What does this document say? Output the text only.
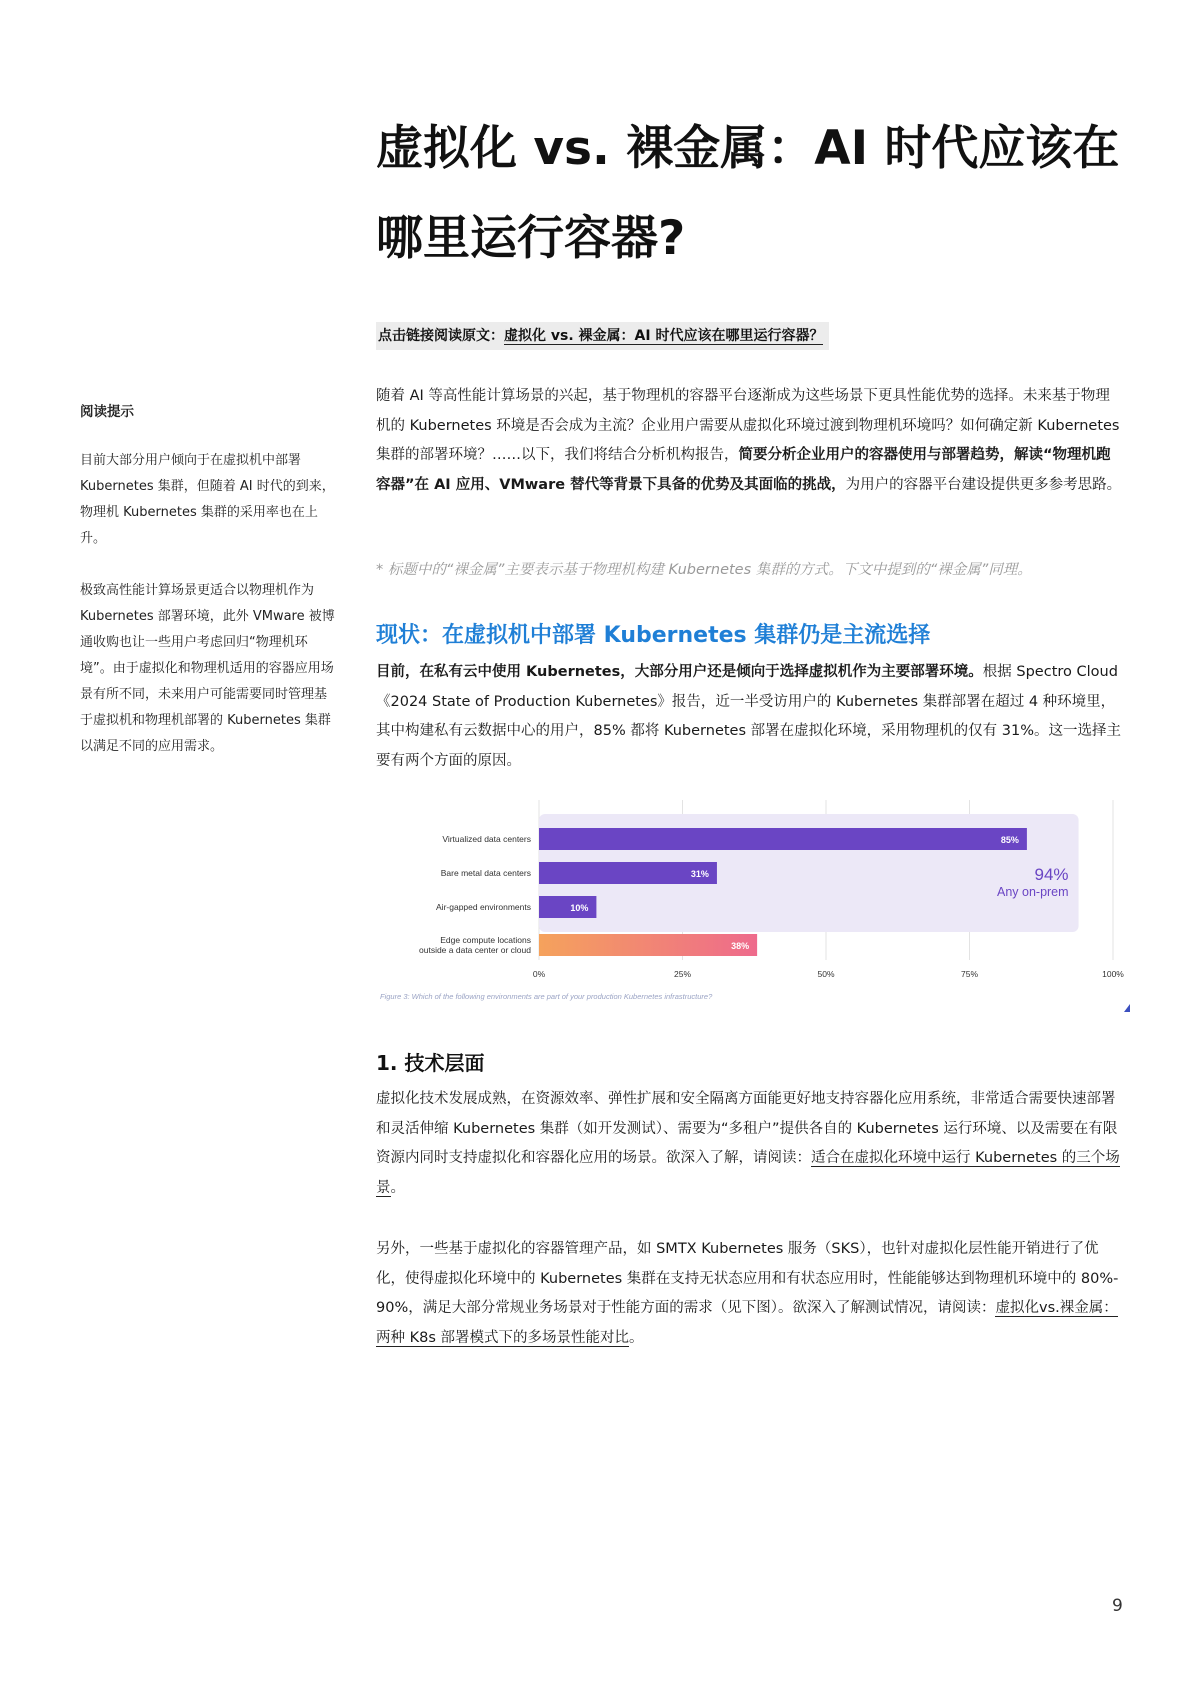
虚拟化 vs. 裸金属：AI 时代应该在
哪里运行容器?
点击链接阅读原文：虚拟化 vs. 裸金属：AI 时代应该在哪里运行容器？
阅读提示

目前大部分用户倾向于在虚拟机中部署 Kubernetes 集群，但随着 AI 时代的到来，物理机 Kubernetes 集群的采用率也在上升。

极致高性能计算场景更适合以物理机作为 Kubernetes 部署环境，此外 VMware 被博通收购也让一些用户考虑回归“物理机环境”。由于虚拟化和物理机适用的容器应用场景有所不同，未来用户可能需要同时管理基于虚拟机和物理机部署的 Kubernetes 集群以满足不同的应用需求。

随着 AI 等高性能计算场景的兴起，基于物理机的容器平台逐渐成为这些场景下更具性能优势的选择。未来基于物理机的 Kubernetes 环境是否会成为主流？企业用户需要从虚拟化环境过渡到物理机环境吗？如何确定新 Kubernetes 集群的部署环境？……以下，我们将结合分析机构报告，简要分析企业用户的容器使用与部署趋势，解读“物理机跑容器”在 AI 应用、VMware 替代等背景下具备的优势及其面临的挑战，为用户的容器平台建设提供更多参考思路。

* 标题中的“裸金属”主要表示基于物理机构建 Kubernetes 集群的方式。下文中提到的“裸金属”同理。

现状：在虚拟机中部署 Kubernetes 集群仍是主流选择

目前，在私有云中使用 Kubernetes，大部分用户还是倾向于选择虚拟机作为主要部署环境。根据 Spectro Cloud《2024 State of Production Kubernetes》报告，近一半受访用户的 Kubernetes 集群部署在超过 4 种环境里，其中构建私有云数据中心的用户，85% 都将 Kubernetes 部署在虚拟化环境，采用物理机的仅有 31%。这一选择主要有两个方面的原因。

85%
Virtualized data centers
31%
Bare metal data centers
10%
Air-gapped environments
38%
Edge compute locations
outside a data center or cloud
94%
Any on-prem
0%	25%	50%	75%	100%
Figure 3: Which of the following environments are part of your production Kubernetes infrastructure?
1. 技术层面

虚拟化技术发展成熟，在资源效率、弹性扩展和安全隔离方面能更好地支持容器化应用系统，非常适合需要快速部署和灵活伸缩 Kubernetes 集群（如开发测试）、需要为“多租户”提供各自的 Kubernetes 运行环境、以及需要在有限资源内同时支持虚拟化和容器化应用的场景。欲深入了解，请阅读：适合在虚拟化环境中运行 Kubernetes 的三个场景。

另外，一些基于虚拟化的容器管理产品，如 SMTX Kubernetes 服务（SKS），也针对虚拟化层性能开销进行了优化，使得虚拟化环境中的 Kubernetes 集群在支持无状态应用和有状态应用时，性能能够达到物理机环境中的 80%- 90%，满足大部分常规业务场景对于性能方面的需求（见下图）。欲深入了解测试情况，请阅读：虚拟化vs.裸金属：两种 K8s 部署模式下的多场景性能对比。

9
